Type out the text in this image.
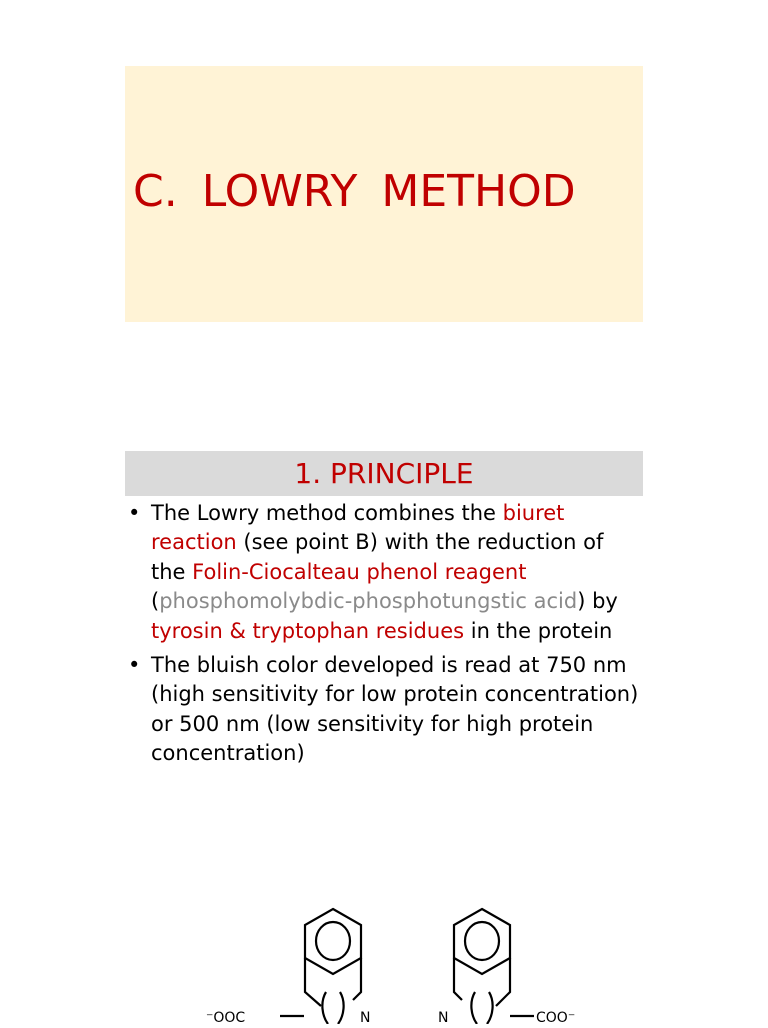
C. LOWRY METHOD
1. PRINCIPLE
• The Lowry method combines the biuret reaction (see point B) with the reduction of the Folin-Ciocalteau phenol reagent (phosphomolybdic-phosphotungstic acid) by tyrosin & tryptophan residues in the protein
• The bluish color developed is read at 750 nm (high sensitivity for low protein concentration) or 500 nm (low sensitivity for high protein concentration)
⁻OOC	N	N	COO⁻
